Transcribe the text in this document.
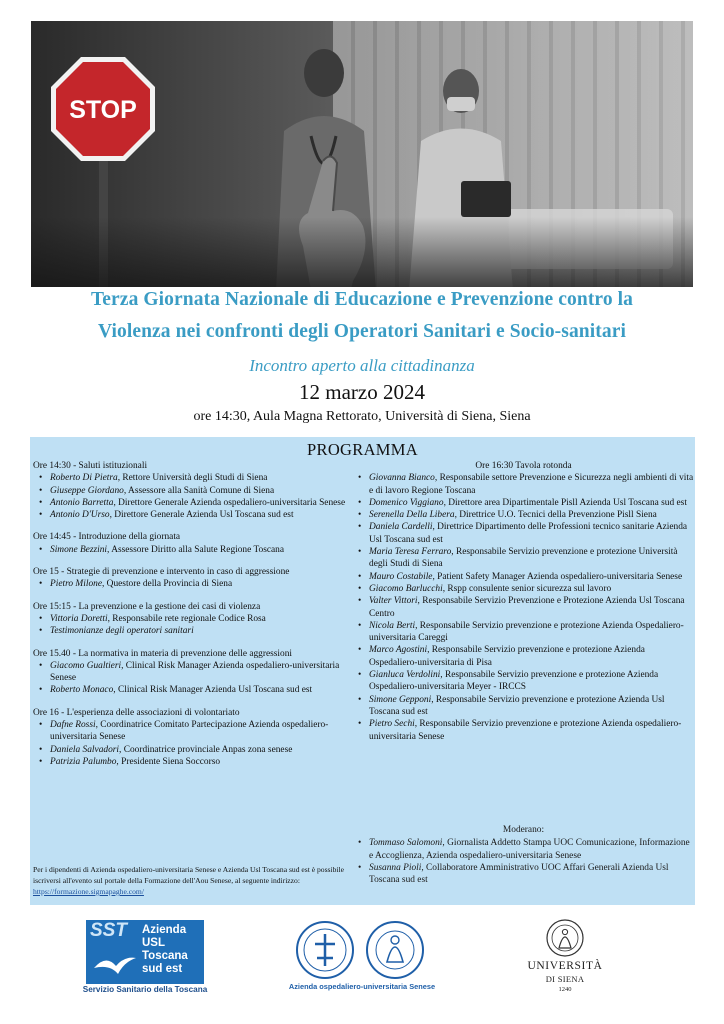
STOP
Terza Giornata Nazionale di Educazione e Prevenzione contro la
Violenza nei confronti degli Operatori Sanitari e Socio-sanitari
Incontro aperto alla cittadinanza
12 marzo 2024
ore 14:30, Aula Magna Rettorato, Università di Siena, Siena
PROGRAMMA
Ore 14:30 - Saluti istituzionali
• Roberto Di Pietra, Rettore Università degli Studi di Siena
• Giuseppe Giordano, Assessore alla Sanità Comune di Siena
• Antonio Barretta, Direttore Generale Azienda ospedaliero-universitaria Senese
• Antonio D'Urso, Direttore Generale Azienda Usl Toscana sud est
Ore 14:45 - Introduzione della giornata
• Simone Bezzini, Assessore Diritto alla Salute Regione Toscana
Ore 15 - Strategie di prevenzione e intervento in caso di aggressione
• Pietro Milone, Questore della Provincia di Siena
Ore 15:15 - La prevenzione e la gestione dei casi di violenza
• Vittoria Doretti, Responsabile rete regionale Codice Rosa
• Testimonianze degli operatori sanitari
Ore 15.40 - La normativa in materia di prevenzione delle aggressioni
• Giacomo Gualtieri, Clinical Risk Manager Azienda ospedaliero-universitaria Senese
• Roberto Monaco, Clinical Risk Manager Azienda Usl Toscana sud est
Ore 16 - L'esperienza delle associazioni di volontariato
• Dafne Rossi, Coordinatrice Comitato Partecipazione Azienda ospedaliero-universitaria Senese
• Daniela Salvadori, Coordinatrice provinciale Anpas zona senese
• Patrizia Palumbo, Presidente Siena Soccorso
Ore 16:30 Tavola rotonda
• Giovanna Bianco, Responsabile settore Prevenzione e Sicurezza negli ambienti di vita e di lavoro Regione Toscana
• Domenico Viggiano, Direttore area Dipartimentale Pisll Azienda Usl Toscana sud est
• Serenella Della Libera, Direttrice U.O. Tecnici della Prevenzione Pisll Siena
• Daniela Cardelli, Direttrice Dipartimento delle Professioni tecnico sanitarie Azienda Usl Toscana sud est
• Maria Teresa Ferraro, Responsabile Servizio prevenzione e protezione Università degli Studi di Siena
• Mauro Costabile, Patient Safety Manager Azienda ospedaliero-universitaria Senese
• Giacomo Barlucchi, Rspp consulente senior sicurezza sul lavoro
• Valter Vittori, Responsabile Servizio Prevenzione e Protezione Azienda Usl Toscana Centro
• Nicola Berti, Responsabile Servizio prevenzione e protezione Azienda Ospedaliero-universitaria Careggi
• Marco Agostini, Responsabile Servizio prevenzione e protezione Azienda Ospedaliero-universitaria di Pisa
• Gianluca Verdolini, Responsabile Servizio prevenzione e protezione Azienda Ospedaliero-universitaria Meyer - IRCCS
• Simone Gepponi, Responsabile Servizio prevenzione e protezione Azienda Usl Toscana sud est
• Pietro Sechi, Responsabile Servizio prevenzione e protezione Azienda ospedaliero-universitaria Senese
Moderano:
• Tommaso Salomoni, Giornalista Addetto Stampa UOC Comunicazione, Informazione e Accoglienza, Azienda ospedaliero-universitaria Senese
• Susanna Pioli, Collaboratore Amministrativo UOC Affari Generali Azienda Usl Toscana sud est
Per i dipendenti di Azienda ospedaliero-universitaria Senese e Azienda Usl Toscana sud est è possibile iscriversi all'evento sul portale della Formazione dell'Aou Senese, al seguente indirizzo: https://formazione.sigmapaghe.com/
SST Azienda
USL
Toscana
sud est
Servizio Sanitario della Toscana	Azienda ospedaliero-universitaria Senese
UNIVERSITÀ
DI SIENA
1240
